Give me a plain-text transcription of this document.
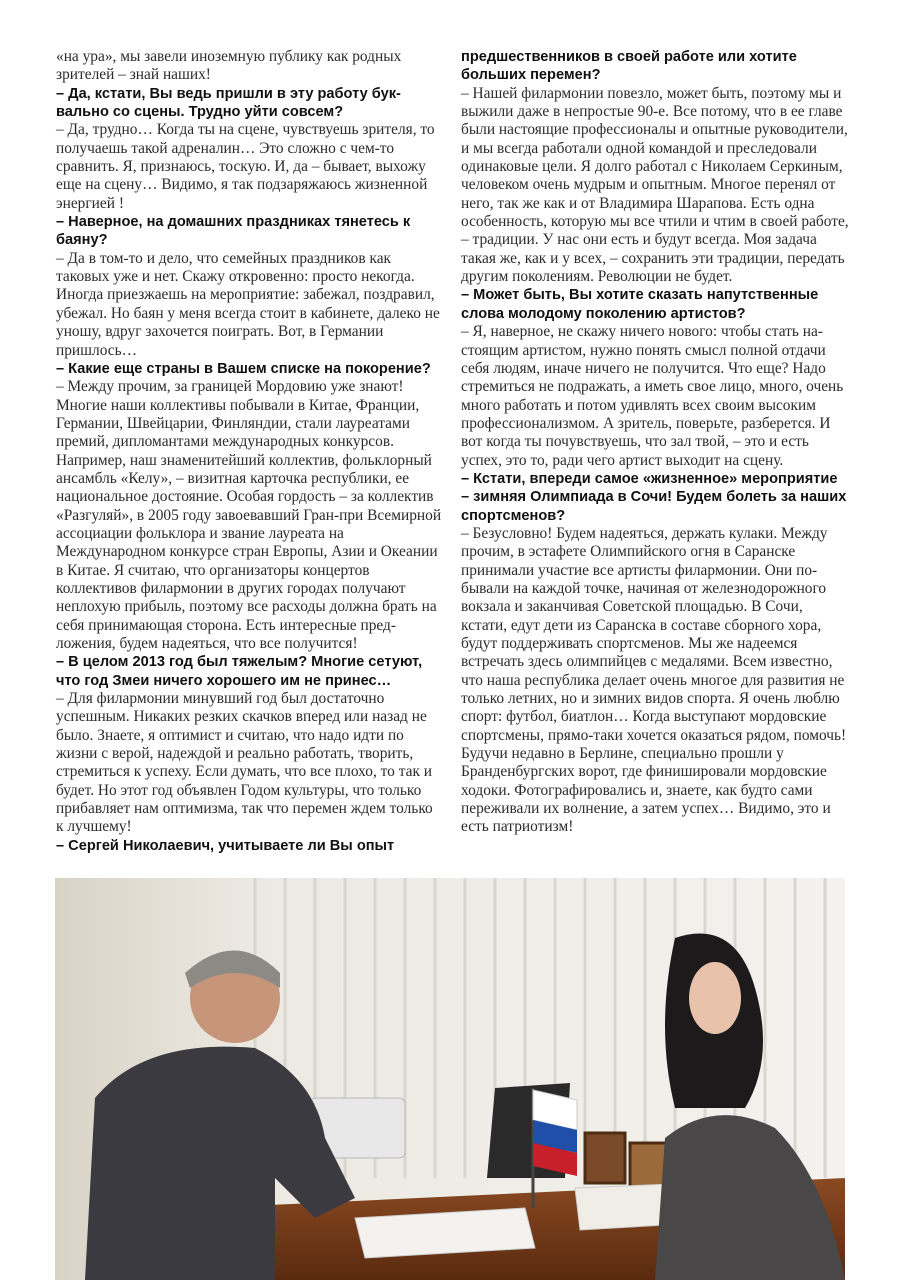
«на ура», мы завели иноземную публику как родных зрителей – знай наших!

– Да, кстати, Вы ведь пришли в эту работу буквально со сцены. Трудно уйти совсем?

– Да, трудно… Когда ты на сцене, чувствуешь зрителя, то получаешь такой адреналин… Это сложно с чем-то сравнить. Я, признаюсь, тоскую. И, да – бывает, выхожу еще на сцену… Видимо, я так подзаряжаюсь жизненной энергией !

– Наверное, на домашних праздниках тянетесь к баяну?

– Да в том-то и дело, что семейных праздников как таковых уже и нет. Скажу откровенно: просто некогда. Иногда приезжаешь на мероприятие: забежал, поздравил, убежал. Но баян у меня всегда стоит в кабинете, далеко не уношу, вдруг захочется поиграть. Вот, в Германии пришлось…

– Какие еще страны в Вашем списке на покорение?

– Между прочим, за границей Мордовию уже знают! Многие наши коллективы побывали в Китае, Франции, Германии, Швейцарии, Финляндии, стали лауреатами премий, дипломантами международных конкурсов. Например, наш знаменитейший коллектив, фольклорный ансамбль «Келу», – визитная карточка республики, ее национальное достояние. Особая гордость – за коллектив «Разгуляй», в 2005 году завоевавший Гран-при Всемирной ассоциации фольклора и звание лауреата на Международном конкурсе стран Европы, Азии и Океании в Китае. Я считаю, что организаторы концертов коллективов филармонии в других городах получают неплохую прибыль, поэтому все расходы должна брать на себя принимающая сторона. Есть интересные предложения, будем надеяться, что все получится!

– В целом 2013 год был тяжелым? Многие сетуют, что год Змеи ничего хорошего им не принес…

– Для филармонии минувший год был достаточно успешным. Никаких резких скачков вперед или назад не было. Знаете, я оптимист и считаю, что надо идти по жизни с верой, надеждой и реально работать, творить, стремиться к успеху. Если думать, что все плохо, то так и будет. Но этот год объявлен Годом культуры, что только прибавляет нам оптимизма, так что перемен ждем только к лучшему!

– Сергей Николаевич, учитываете ли Вы опыт

предшественников в своей работе или хотите больших перемен?

– Нашей филармонии повезло, может быть, поэтому мы и выжили даже в непростые 90-е. Все потому, что в ее главе были настоящие профессионалы и опытные руководители, и мы всегда работали одной командой и преследовали одинаковые цели. Я долго работал с Николаем Серкиным, человеком очень мудрым и опытным. Многое перенял от него, так же как и от Владимира Шарапова. Есть одна особенность, которую мы все чтили и чтим в своей работе, – традиции. У нас они есть и будут всегда. Моя задача такая же, как и у всех, – сохранить эти традиции, передать другим поколениям. Революции не будет.

– Может быть, Вы хотите сказать напутственные слова молодому поколению артистов?

– Я, наверное, не скажу ничего нового: чтобы стать настоящим артистом, нужно понять смысл полной отдачи себя людям, иначе ничего не получится. Что еще? Надо стремиться не подражать, а иметь свое лицо, много, очень много работать и потом удивлять всех своим высоким профессионализмом. А зритель, поверьте, разберется. И вот когда ты почувствуешь, что зал твой, – это и есть успех, это то, ради чего артист выходит на сцену.

– Кстати, впереди самое «жизненное» мероприятие – зимняя Олимпиада в Сочи! Будем болеть за наших спортсменов?

– Безусловно! Будем надеяться, держать кулаки. Между прочим, в эстафете Олимпийского огня в Саранске принимали участие все артисты филармонии. Они побывали на каждой точке, начиная от железнодорожного вокзала и заканчивая Советской площадью. В Сочи, кстати, едут дети из Саранска в составе сборного хора, будут поддерживать спортсменов. Мы же надеемся встречать здесь олимпийцев с медалями. Всем известно, что наша республика делает очень многое для развития не только летних, но и зимних видов спорта. Я очень люблю спорт: футбол, биатлон… Когда выступают мордовские спортсмены, прямо-таки хочется оказаться рядом, помочь! Будучи недавно в Берлине, специально прошли у Бранденбургских ворот, где финишировали мордовские ходоки. Фотографировались и, знаете, как будто сами переживали их волнение, а затем успех… Видимо, это и есть патриотизм!
